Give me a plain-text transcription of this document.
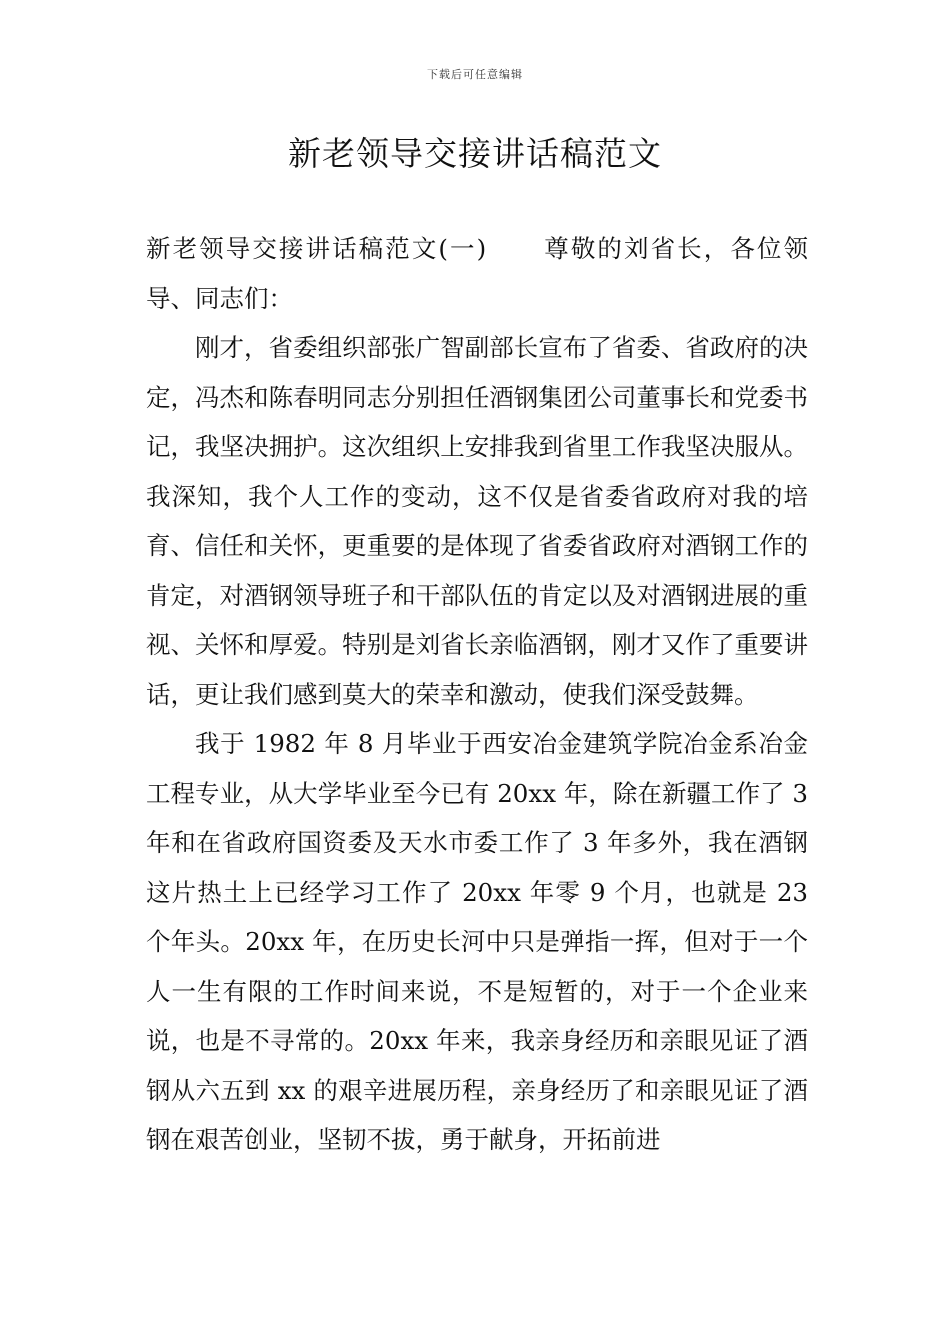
下载后可任意编辑
新老领导交接讲话稿范文

新老领导交接讲话稿范文(一) 尊敬的刘省长，各位领导、同志们：

刚才，省委组织部张广智副部长宣布了省委、省政府的决定，冯杰和陈春明同志分别担任酒钢集团公司董事长和党委书记，我坚决拥护。这次组织上安排我到省里工作我坚决服从。我深知，我个人工作的变动，这不仅是省委省政府对我的培育、信任和关怀，更重要的是体现了省委省政府对酒钢工作的肯定，对酒钢领导班子和干部队伍的肯定以及对酒钢进展的重视、关怀和厚爱。特别是刘省长亲临酒钢，刚才又作了重要讲话，更让我们感到莫大的荣幸和激动，使我们深受鼓舞。

我于 1982 年 8 月毕业于西安冶金建筑学院冶金系冶金工程专业，从大学毕业至今已有 20xx 年，除在新疆工作了 3 年和在省政府国资委及天水市委工作了 3 年多外，我在酒钢这片热土上已经学习工作了 20xx 年零 9 个月，也就是 23 个年头。20xx 年，在历史长河中只是弹指一挥，但对于一个人一生有限的工作时间来说，不是短暂的，对于一个企业来说，也是不寻常的。20xx 年来，我亲身经历和亲眼见证了酒钢从六五到 xx 的艰辛进展历程，亲身经历了和亲眼见证了酒钢在艰苦创业，坚韧不拔，勇于献身，开拓前进
